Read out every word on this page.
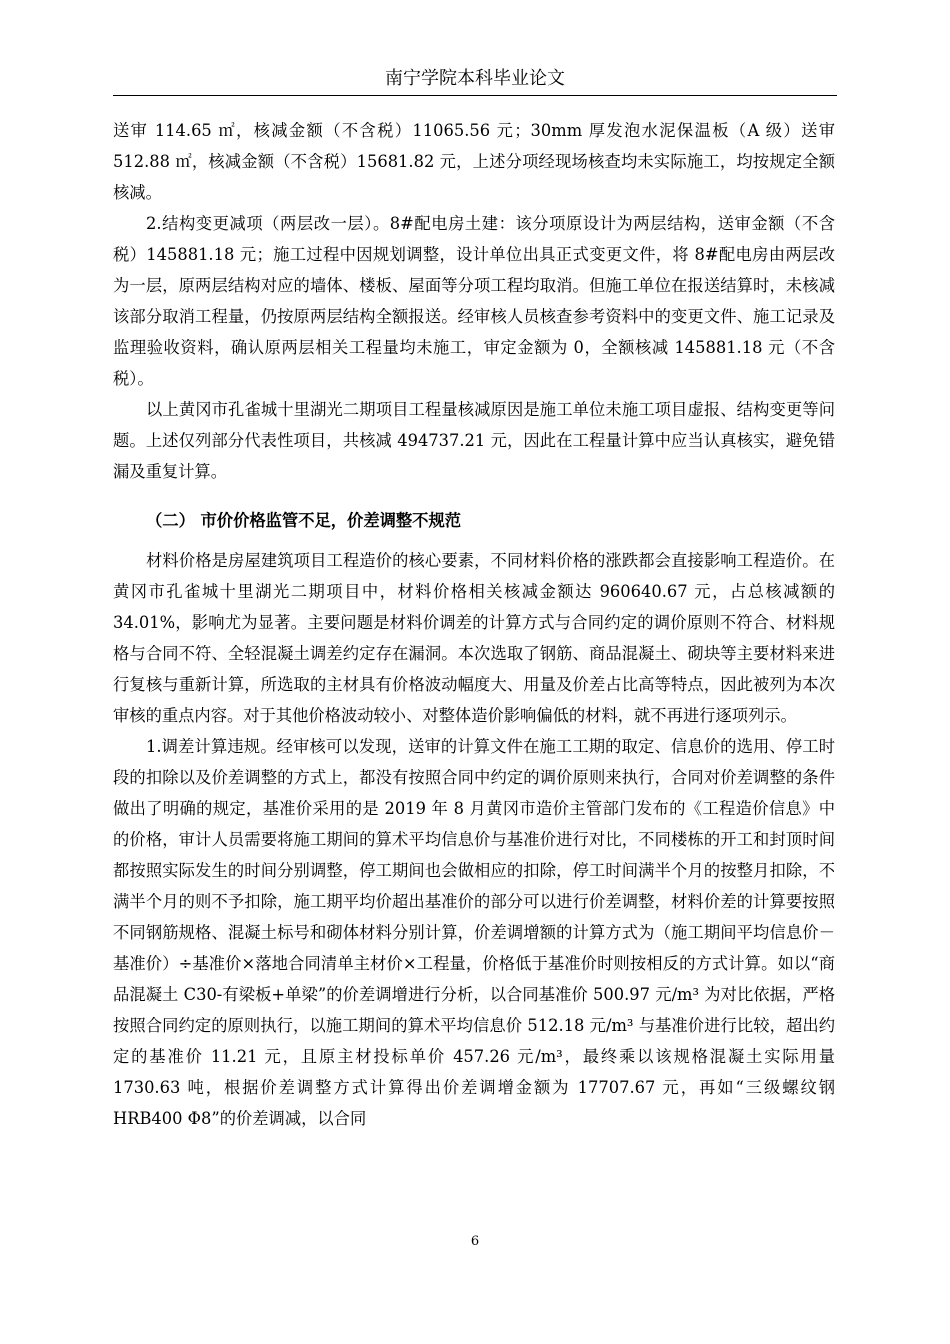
南宁学院本科毕业论文

送审 114.65 ㎡，核减金额（不含税）11065.56 元；30mm 厚发泡水泥保温板（A 级）送审 512.88 ㎡，核减金额（不含税）15681.82 元，上述分项经现场核查均未实际施工，均按规定全额核减。

2.结构变更减项（两层改一层）。8#配电房土建：该分项原设计为两层结构，送审金额（不含税）145881.18 元；施工过程中因规划调整，设计单位出具正式变更文件，将 8#配电房由两层改为一层，原两层结构对应的墙体、楼板、屋面等分项工程均取消。但施工单位在报送结算时，未核减该部分取消工程量，仍按原两层结构全额报送。经审核人员核查参考资料中的变更文件、施工记录及监理验收资料，确认原两层相关工程量均未施工，审定金额为 0，全额核减 145881.18 元（不含税）。

以上黄冈市孔雀城十里湖光二期项目工程量核减原因是施工单位未施工项目虚报、结构变更等问题。上述仅列部分代表性项目，共核减 494737.21 元，因此在工程量计算中应当认真核实，避免错漏及重复计算。

（二） 市价价格监管不足，价差调整不规范

材料价格是房屋建筑项目工程造价的核心要素，不同材料价格的涨跌都会直接影响工程造价。在黄冈市孔雀城十里湖光二期项目中，材料价格相关核减金额达 960640.67 元，占总核减额的 34.01%，影响尤为显著。主要问题是材料价调差的计算方式与合同约定的调价原则不符合、材料规格与合同不符、全轻混凝土调差约定存在漏洞。本次选取了钢筋、商品混凝土、砌块等主要材料来进行复核与重新计算，所选取的主材具有价格波动幅度大、用量及价差占比高等特点，因此被列为本次审核的重点内容。对于其他价格波动较小、对整体造价影响偏低的材料，就不再进行逐项列示。

1.调差计算违规。经审核可以发现，送审的计算文件在施工工期的取定、信息价的选用、停工时段的扣除以及价差调整的方式上，都没有按照合同中约定的调价原则来执行，合同对价差调整的条件做出了明确的规定，基准价采用的是 2019 年 8 月黄冈市造价主管部门发布的《工程造价信息》中的价格，审计人员需要将施工期间的算术平均信息价与基准价进行对比，不同楼栋的开工和封顶时间都按照实际发生的时间分别调整，停工期间也会做相应的扣除，停工时间满半个月的按整月扣除，不满半个月的则不予扣除，施工期平均价超出基准价的部分可以进行价差调整，材料价差的计算要按照不同钢筋规格、混凝土标号和砌体材料分别计算，价差调增额的计算方式为（施工期间平均信息价－基准价）÷基准价×落地合同清单主材价×工程量，价格低于基准价时则按相反的方式计算。如以“商品混凝土 C30-有梁板+单梁”的价差调增进行分析，以合同基准价 500.97 元/m³ 为对比依据，严格按照合同约定的原则执行，以施工期间的算术平均信息价 512.18 元/m³ 与基准价进行比较，超出约定的基准价 11.21 元，且原主材投标单价 457.26 元/m³，最终乘以该规格混凝土实际用量 1730.63 吨，根据价差调整方式计算得出价差调增金额为 17707.67 元，再如“三级螺纹钢 HRB400 Φ8”的价差调减，以合同

6
